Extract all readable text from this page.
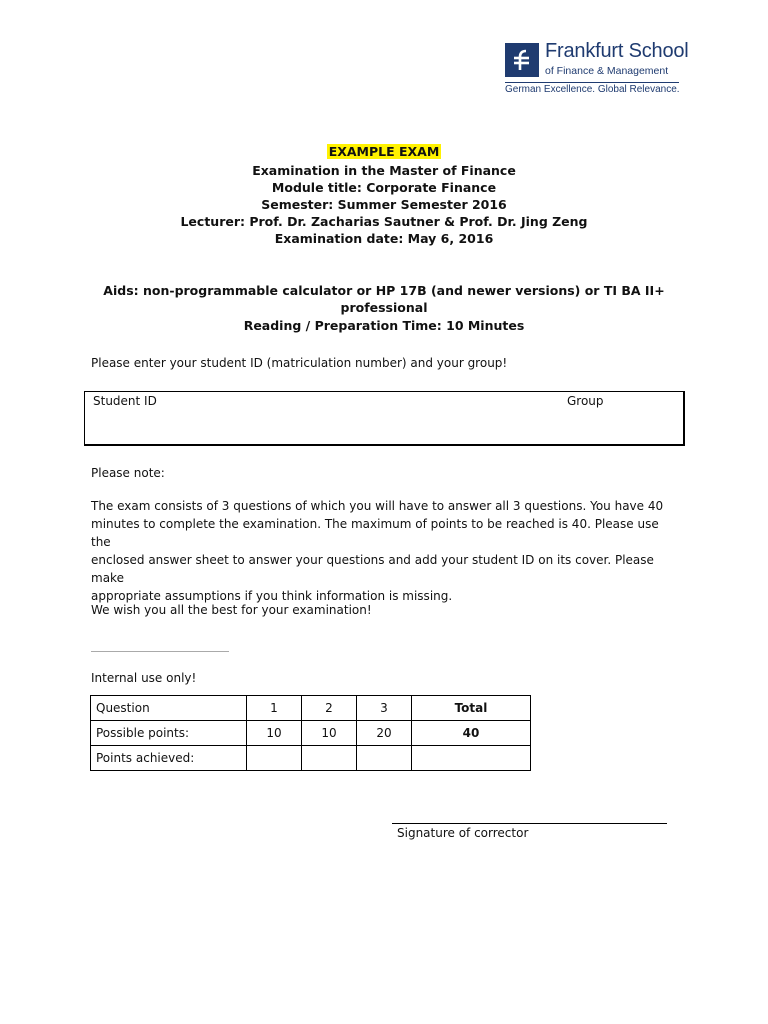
Frankfurt School
of Finance & Management
German Excellence. Global Relevance.
EXAMPLE EXAM
Examination in the Master of Finance
Module title: Corporate Finance
Semester: Summer Semester 2016
Lecturer: Prof. Dr. Zacharias Sautner & Prof. Dr. Jing Zeng
Examination date: May 6, 2016
Aids: non-programmable calculator or HP 17B (and newer versions) or TI BA II+
professional
Reading / Preparation Time: 10 Minutes
Please enter your student ID (matriculation number) and your group!
Student ID	Group
Please note:
The exam consists of 3 questions of which you will have to answer all 3 questions. You have 40
minutes to complete the examination. The maximum of points to be reached is 40. Please use the
enclosed answer sheet to answer your questions and add your student ID on its cover. Please make
appropriate assumptions if you think information is missing.
We wish you all the best for your examination!
Internal use only!
Question	1	2	3	Total
Possible points:	10	10	20	40
Points achieved:				
Signature of corrector
